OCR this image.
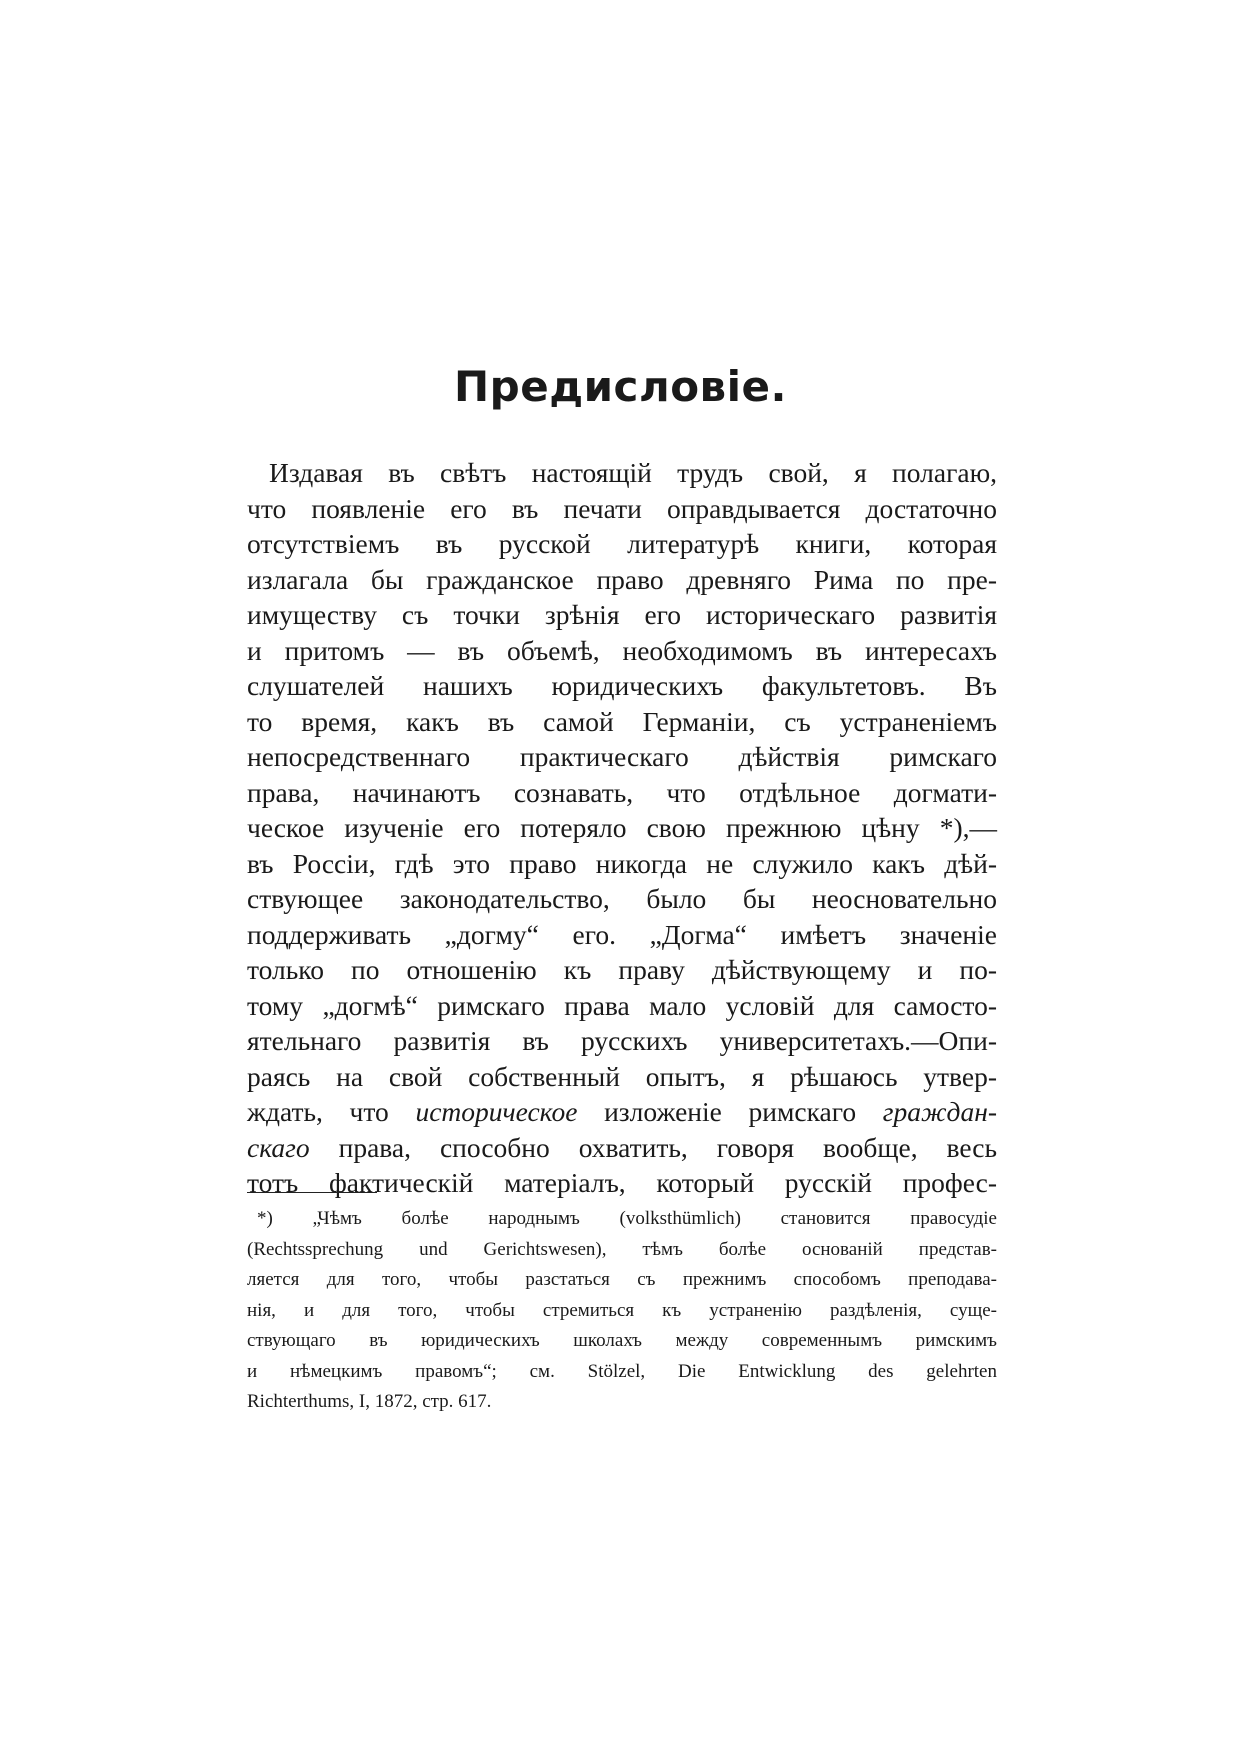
Предисловіе.
Издавая въ свѣтъ настоящій трудъ свой, я полагаю,
что появленіе его въ печати оправдывается достаточно
отсутствіемъ въ русской литературѣ книги, которая
излагала бы гражданское право древняго Рима по пре-
имуществу съ точки зрѣнія его историческаго развитія
и притомъ — въ объемѣ, необходимомъ въ интересахъ
слушателей нашихъ юридическихъ факультетовъ. Въ
то время, какъ въ самой Германіи, съ устраненіемъ
непосредственнаго практическаго дѣйствія римскаго
права, начинаютъ сознавать, что отдѣльное догмати-
ческое изученіе его потеряло свою прежнюю цѣну *),—
въ Россіи, гдѣ это право никогда не служило какъ дѣй-
ствующее законодательство, было бы неосновательно
поддерживать „догму“ его. „Догма“ имѣетъ значеніе
только по отношенію къ праву дѣйствующему и по-
тому „догмѣ“ римскаго права мало условій для самосто-
ятельнаго развитія въ русскихъ университетахъ.—Опи-
раясь на свой собственный опытъ, я рѣшаюсь утвер-
ждать, что историческое изложеніе римскаго граждан-
скаго права, способно охватить, говоря вообще, весь
тотъ фактическій матеріалъ, который русскій профес-
*) „Чѣмъ болѣе народнымъ (volksthümlich) становится правосудіе
(Rechtssprechung und Gerichtswesen), тѣмъ болѣе основаній представ-
ляется для того, чтобы разстаться съ прежнимъ способомъ преподава-
нія, и для того, чтобы стремиться къ устраненію раздѣленія, суще-
ствующаго въ юридическихъ школахъ между современнымъ римскимъ
и нѣмецкимъ правомъ“; см. Stölzel, Die Entwicklung des gelehrten
Richterthums, I, 1872, стр. 617.
